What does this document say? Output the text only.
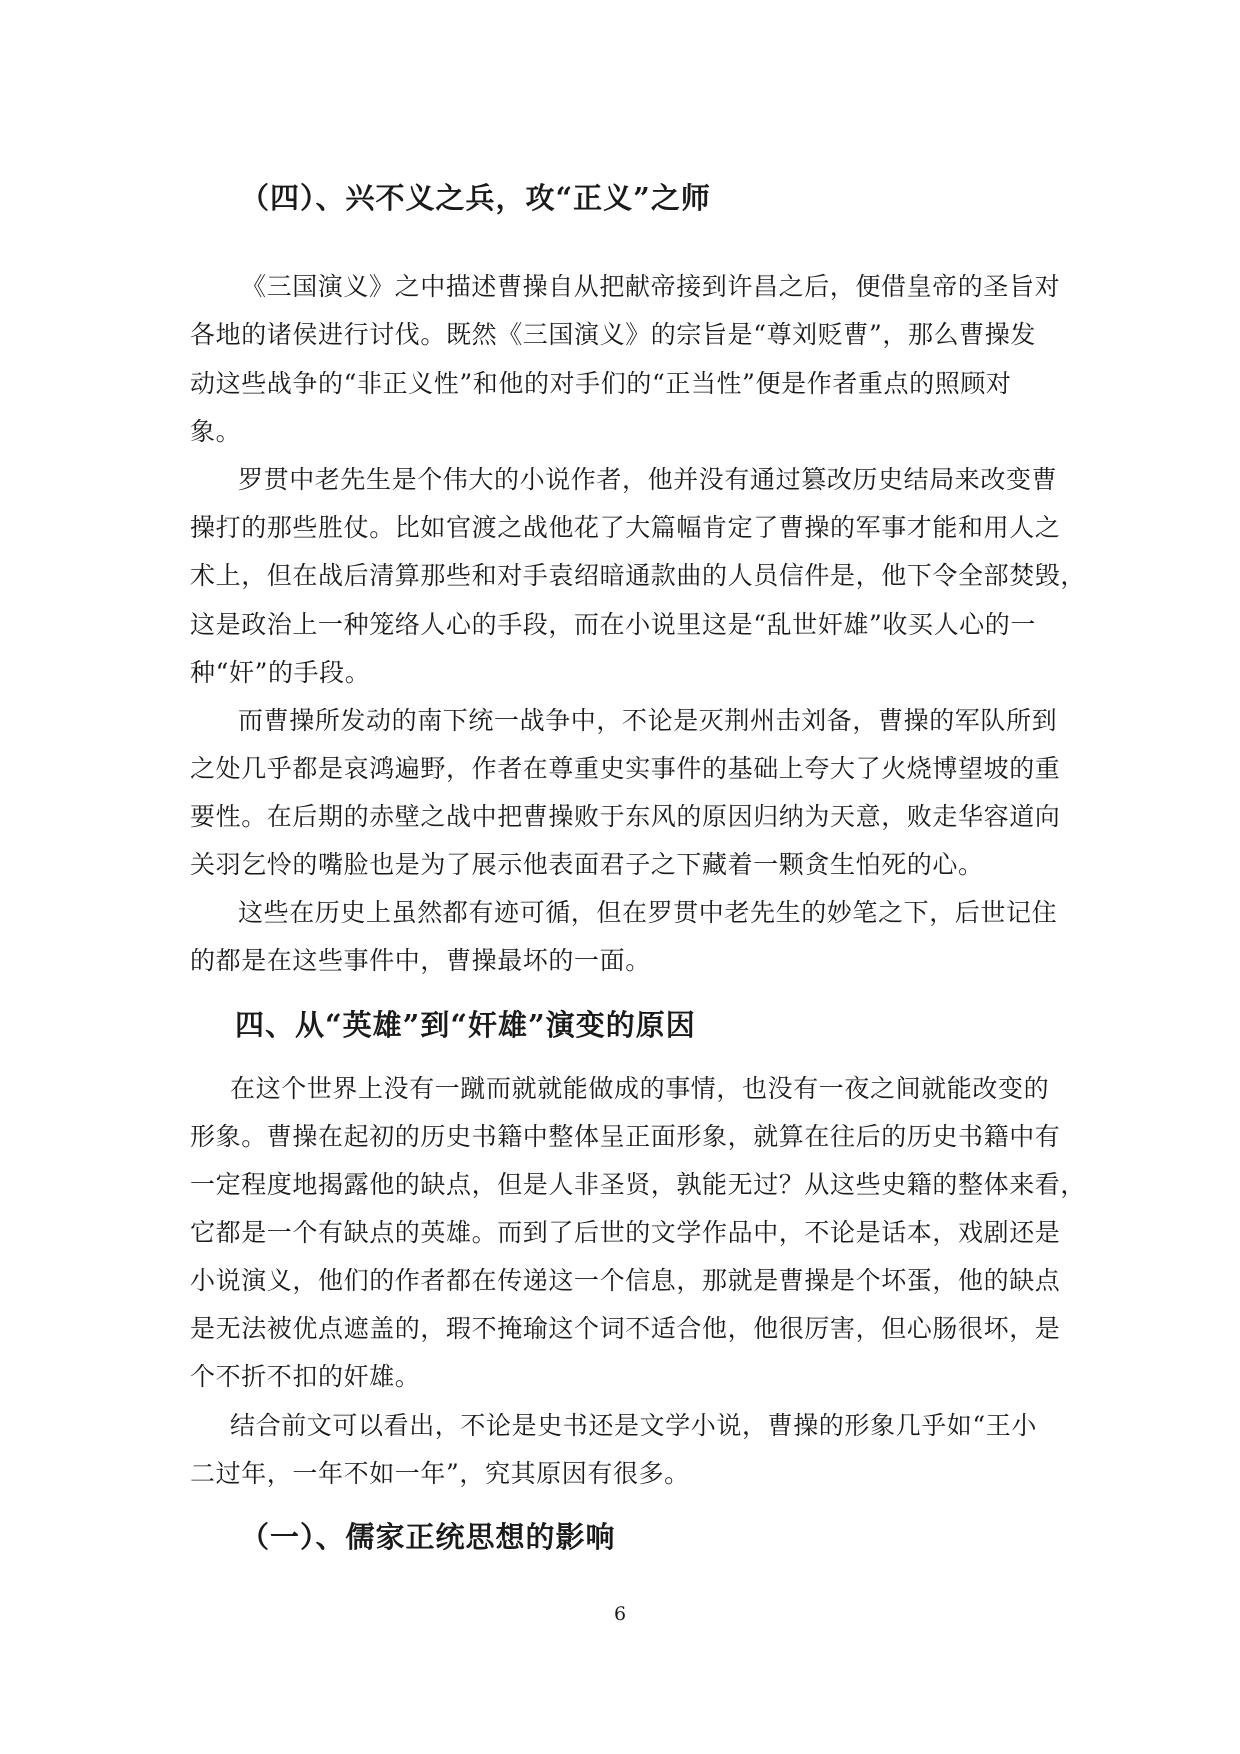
（四）、兴不义之兵，攻“正义”之师
《三国演义》之中描述曹操自从把献帝接到许昌之后，便借皇帝的圣旨对
各地的诸侯进行讨伐。既然《三国演义》的宗旨是“尊刘贬曹”，那么曹操发
动这些战争的“非正义性”和他的对手们的“正当性”便是作者重点的照顾对
象。
罗贯中老先生是个伟大的小说作者，他并没有通过篡改历史结局来改变曹
操打的那些胜仗。比如官渡之战他花了大篇幅肯定了曹操的军事才能和用人之
术上，但在战后清算那些和对手袁绍暗通款曲的人员信件是，他下令全部焚毁，
这是政治上一种笼络人心的手段，而在小说里这是“乱世奸雄”收买人心的一
种“奸”的手段。
而曹操所发动的南下统一战争中，不论是灭荆州击刘备，曹操的军队所到
之处几乎都是哀鸿遍野，作者在尊重史实事件的基础上夸大了火烧博望坡的重
要性。在后期的赤壁之战中把曹操败于东风的原因归纳为天意，败走华容道向
关羽乞怜的嘴脸也是为了展示他表面君子之下藏着一颗贪生怕死的心。
这些在历史上虽然都有迹可循，但在罗贯中老先生的妙笔之下，后世记住
的都是在这些事件中，曹操最坏的一面。
四、从“英雄”到“奸雄”演变的原因
在这个世界上没有一蹴而就就能做成的事情，也没有一夜之间就能改变的
形象。曹操在起初的历史书籍中整体呈正面形象，就算在往后的历史书籍中有
一定程度地揭露他的缺点，但是人非圣贤，孰能无过？从这些史籍的整体来看，
它都是一个有缺点的英雄。而到了后世的文学作品中，不论是话本，戏剧还是
小说演义，他们的作者都在传递这一个信息，那就是曹操是个坏蛋，他的缺点
是无法被优点遮盖的，瑕不掩瑜这个词不适合他，他很厉害，但心肠很坏，是
个不折不扣的奸雄。
结合前文可以看出，不论是史书还是文学小说，曹操的形象几乎如“王小
二过年，一年不如一年”，究其原因有很多。
（一）、儒家正统思想的影响
6
